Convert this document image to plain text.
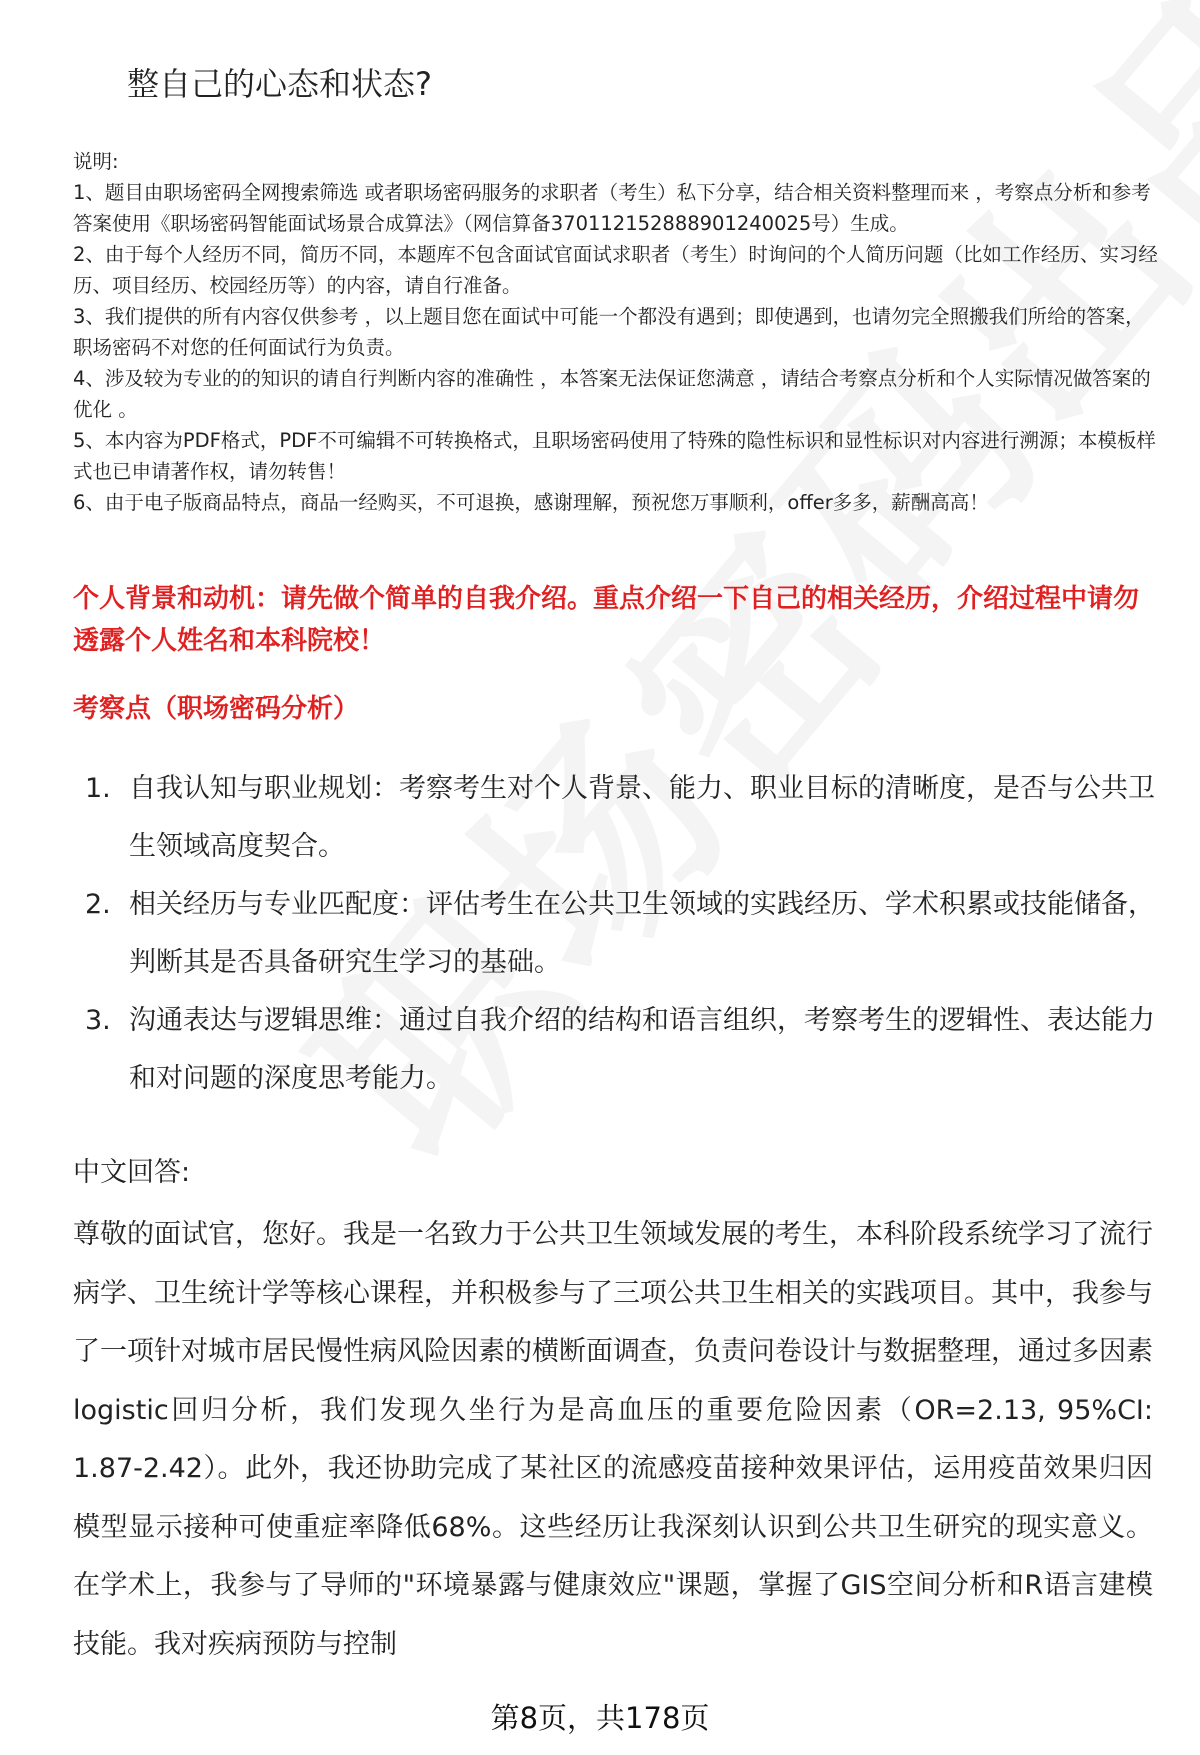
整自己的心态和状态?

说明:

1、题目由职场密码全网搜索筛选 或者职场密码服务的求职者（考生）私下分享，结合相关资料整理而来 ，考察点分析和参考答案使用《职场密码智能面试场景合成算法》（网信算备370112152888901240025号）生成。

2、由于每个人经历不同，简历不同，本题库不包含面试官面试求职者（考生）时询问的个人简历问题（比如工作经历、实习经历、项目经历、校园经历等）的内容，请自行准备。

3、我们提供的所有内容仅供参考 ，以上题目您在面试中可能一个都没有遇到；即使遇到，也请勿完全照搬我们所给的答案，职场密码不对您的任何面试行为负责。

4、涉及较为专业的的知识的请自行判断内容的准确性 ，本答案无法保证您满意 ，请结合考察点分析和个人实际情况做答案的优化 。

5、本内容为PDF格式，PDF不可编辑不可转换格式，且职场密码使用了特殊的隐性标识和显性标识对内容进行溯源；本模板样式也已申请著作权，请勿转售！

6、由于电子版商品特点，商品一经购买，不可退换，感谢理解，预祝您万事顺利，offer多多，薪酬高高！

个人背景和动机：请先做个简单的自我介绍。重点介绍一下自己的相关经历，介绍过程中请勿透露个人姓名和本科院校！
考察点（职场密码分析）
1. 自我认知与职业规划：考察考生对个人背景、能力、职业目标的清晰度，是否与公共卫生领域高度契合。
2. 相关经历与专业匹配度：评估考生在公共卫生领域的实践经历、学术积累或技能储备，判断其是否具备研究生学习的基础。
3. 沟通表达与逻辑思维：通过自我介绍的结构和语言组织，考察考生的逻辑性、表达能力和对问题的深度思考能力。
中文回答:

尊敬的面试官，您好。我是一名致力于公共卫生领域发展的考生，本科阶段系统学习了流行病学、卫生统计学等核心课程，并积极参与了三项公共卫生相关的实践项目。其中，我参与了一项针对城市居民慢性病风险因素的横断面调查，负责问卷设计与数据整理，通过多因素logistic回归分析，我们发现久坐行为是高血压的重要危险因素（OR=2.13, 95%CI: 1.87-2.42）。此外，我还协助完成了某社区的流感疫苗接种效果评估，运用疫苗效果归因模型显示接种可使重症率降低68%。这些经历让我深刻认识到公共卫生研究的现实意义。在学术上，我参与了导师的"环境暴露与健康效应"课题，掌握了GIS空间分析和R语言建模技能。我对疾病预防与控制

第8页，共178页
